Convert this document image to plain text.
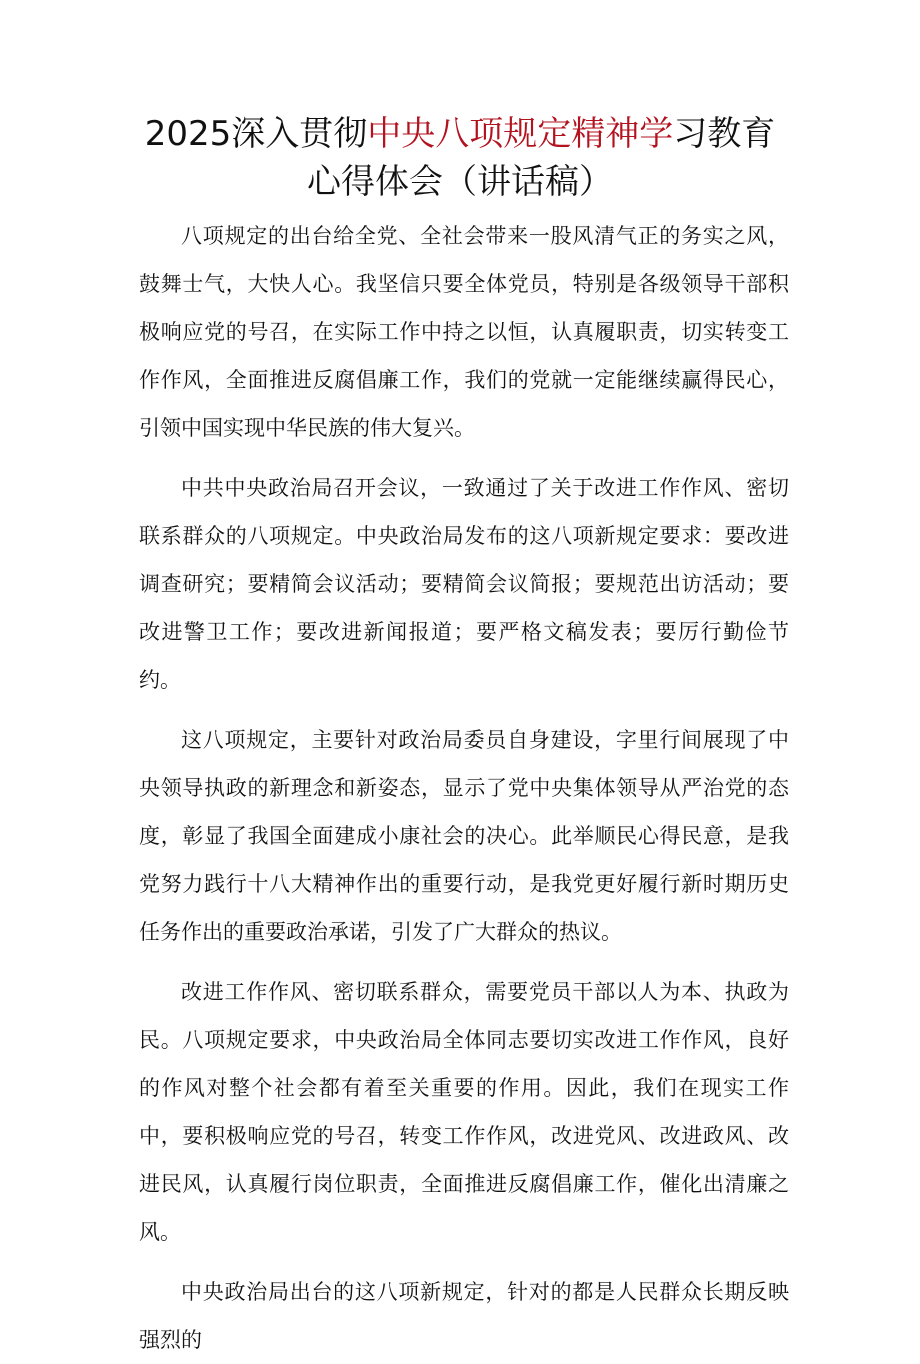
2025深入贯彻中央八项规定精神学习教育
心得体会（讲话稿）

八项规定的出台给全党、全社会带来一股风清气正的务实之风，鼓舞士气，大快人心。我坚信只要全体党员，特别是各级领导干部积极响应党的号召，在实际工作中持之以恒，认真履职责，切实转变工作作风，全面推进反腐倡廉工作，我们的党就一定能继续赢得民心，引领中国实现中华民族的伟大复兴。

中共中央政治局召开会议，一致通过了关于改进工作作风、密切联系群众的八项规定。中央政治局发布的这八项新规定要求：要改进调查研究；要精简会议活动；要精简会议简报；要规范出访活动；要改进警卫工作；要改进新闻报道；要严格文稿发表；要厉行勤俭节约。

这八项规定，主要针对政治局委员自身建设，字里行间展现了中央领导执政的新理念和新姿态，显示了党中央集体领导从严治党的态度，彰显了我国全面建成小康社会的决心。此举顺民心得民意，是我党努力践行十八大精神作出的重要行动，是我党更好履行新时期历史任务作出的重要政治承诺，引发了广大群众的热议。

改进工作作风、密切联系群众，需要党员干部以人为本、执政为民。八项规定要求，中央政治局全体同志要切实改进工作作风，良好的作风对整个社会都有着至关重要的作用。因此，我们在现实工作中，要积极响应党的号召，转变工作作风，改进党风、改进政风、改进民风，认真履行岗位职责，全面推进反腐倡廉工作，催化出清廉之风。

中央政治局出台的这八项新规定，针对的都是人民群众长期反映强烈的
